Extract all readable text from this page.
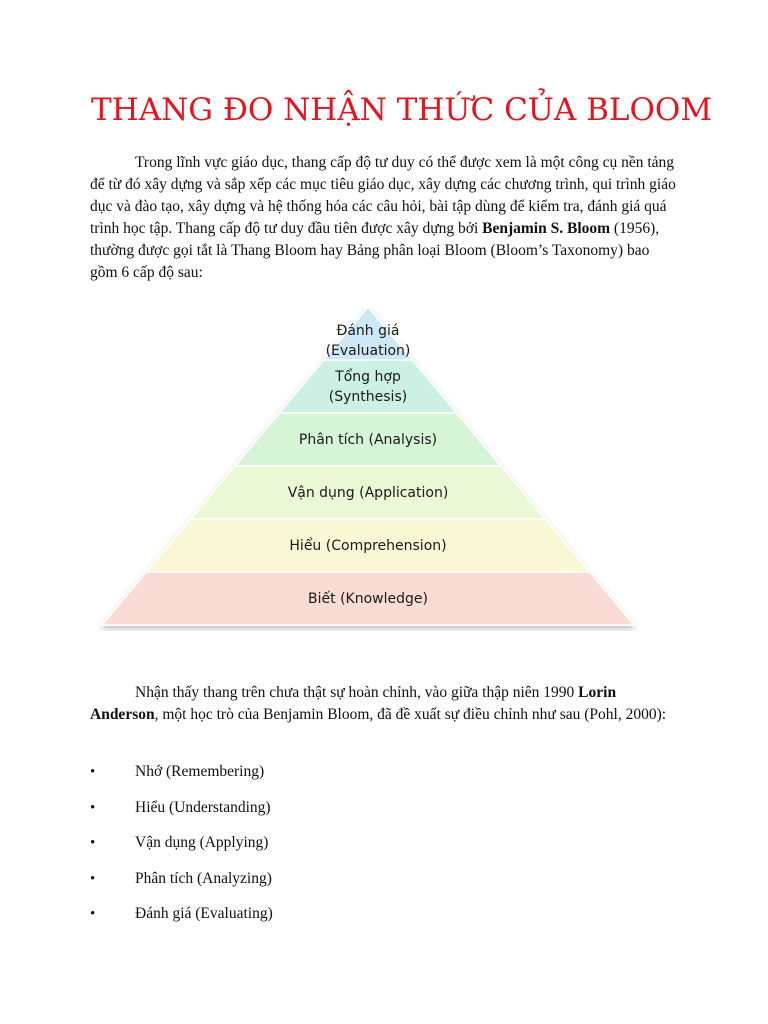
THANG ĐO NHẬN THỨC CỦA BLOOM

Trong lĩnh vực giáo dục, thang cấp độ tư duy có thể được xem là một công cụ nền tảng để từ đó xây dựng và sắp xếp các mục tiêu giáo dục, xây dựng các chương trình, qui trình giáo dục và đào tạo, xây dựng và hệ thống hóa các câu hỏi, bài tập dùng để kiểm tra, đánh giá quá trình học tập. Thang cấp độ tư duy đầu tiên được xây dựng bởi Benjamin S. Bloom (1956), thường được gọi tắt là Thang Bloom hay Bảng phân loại Bloom (Bloom’s Taxonomy) bao gồm 6 cấp độ sau:

Đánh giá
(Evaluation)
Tổng hợp
(Synthesis)
Phân tích (Analysis)
Vận dụng (Application)
Hiểu (Comprehension)
Biết (Knowledge)

Nhận thấy thang trên chưa thật sự hoàn chỉnh, vào giữa thập niên 1990 Lorin Anderson, một học trò của Benjamin Bloom, đã đề xuất sự điều chỉnh như sau (Pohl, 2000):

•	Nhớ (Remembering)
•	Hiểu (Understanding)
•	Vận dụng (Applying)
•	Phân tích (Analyzing)
•	Đánh giá (Evaluating)
